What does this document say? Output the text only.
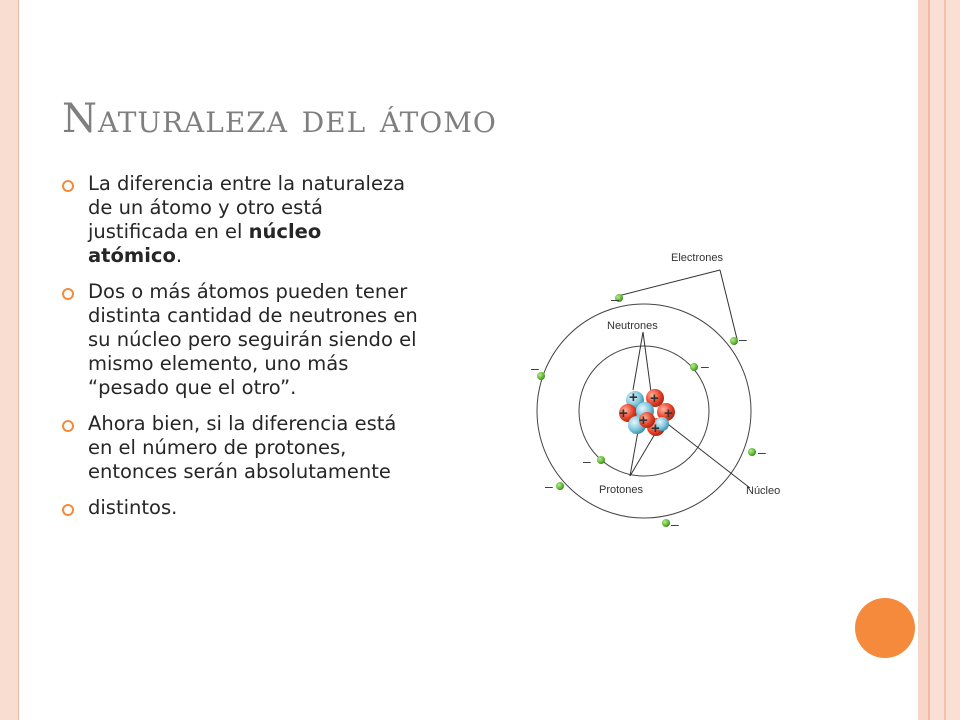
Naturaleza del átomo
La diferencia entre la naturaleza de un átomo y otro está justificada en el núcleo atómico.
Dos o más átomos pueden tener distinta cantidad de neutrones en su núcleo pero seguirán siendo el mismo elemento, uno más “pesado que el otro”.
Ahora bien, si la diferencia está en el número de protones, entonces serán absolutamente
distintos.
Electrones
Neutrones
Protones	Núcleo
+ +
+ +
+ +
–
–
–	–
–
–
–
–
